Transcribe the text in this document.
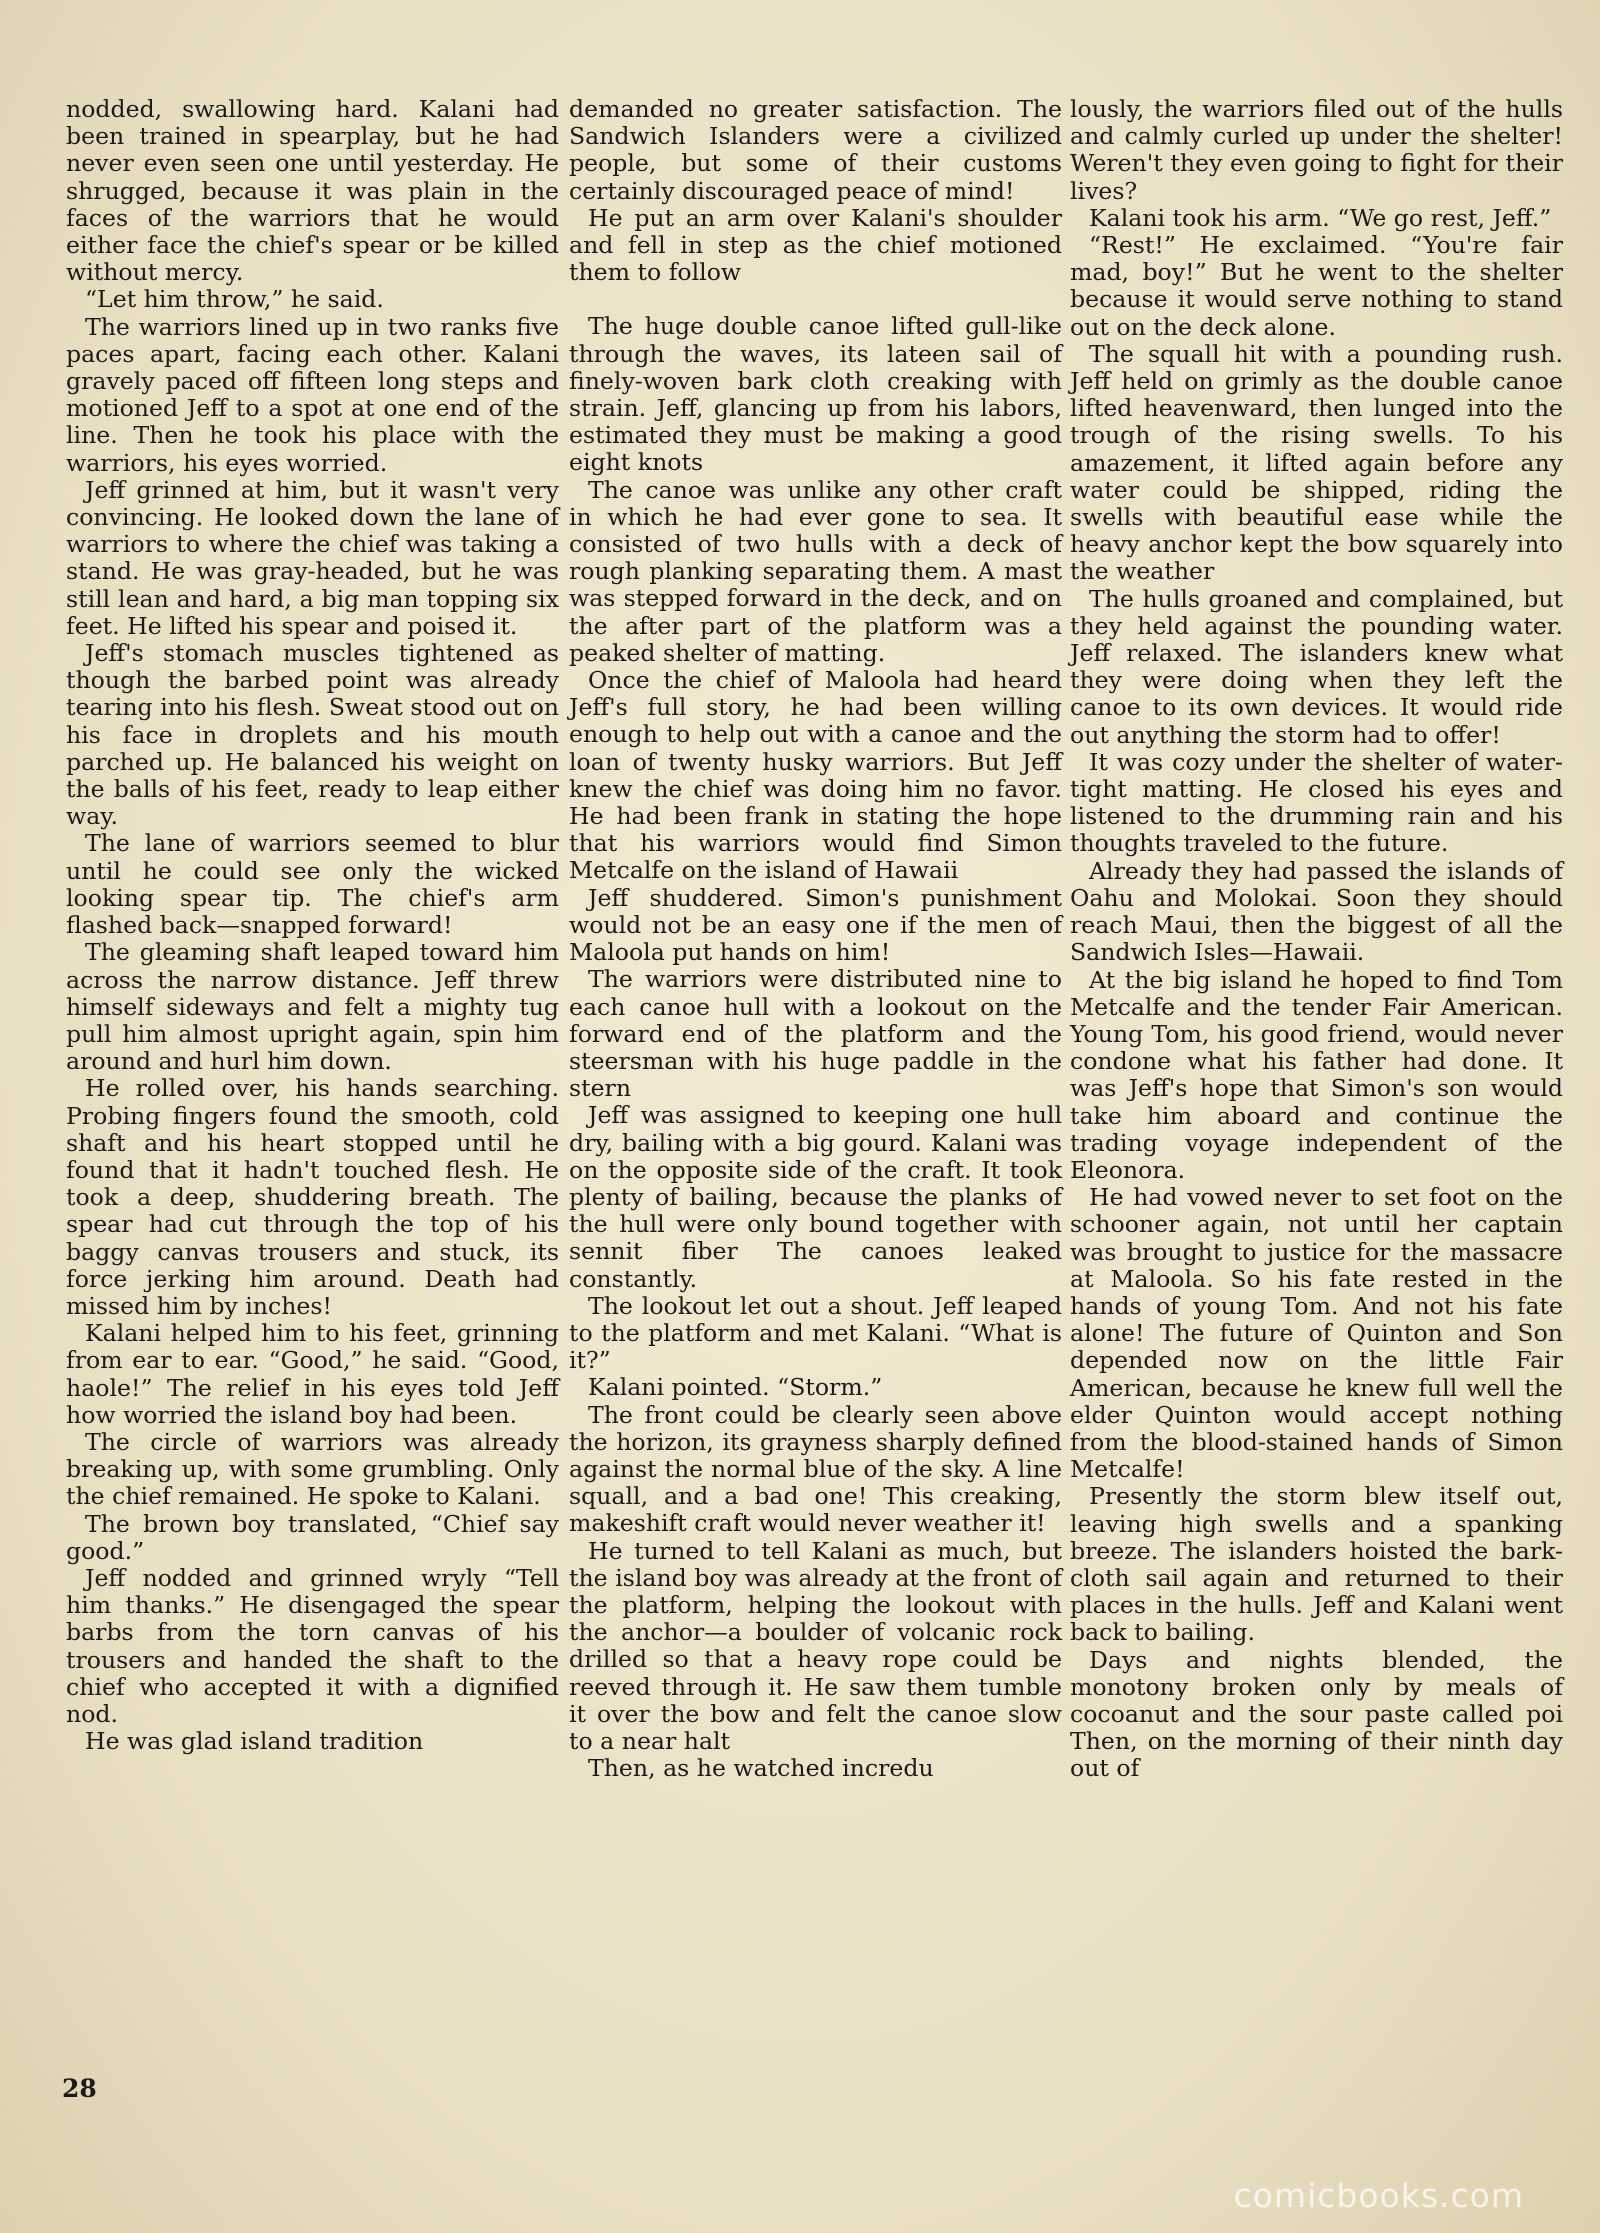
nodded, swallowing hard. Kalani had been trained in spearplay, but he had never even seen one until yesterday. He shrugged, because it was plain in the faces of the warriors that he would either face the chief's spear or be killed without mercy.

“Let him throw,” he said.

The warriors lined up in two ranks five paces apart, facing each other. Kalani gravely paced off fifteen long steps and motioned Jeff to a spot at one end of the line. Then he took his place with the warriors, his eyes worried.

Jeff grinned at him, but it wasn't very convincing. He looked down the lane of warriors to where the chief was taking a stand. He was gray-headed, but he was still lean and hard, a big man topping six feet. He lifted his spear and poised it.

Jeff's stomach muscles tightened as though the barbed point was already tearing into his flesh. Sweat stood out on his face in droplets and his mouth parched up. He balanced his weight on the balls of his feet, ready to leap either way.

The lane of warriors seemed to blur until he could see only the wicked looking spear tip. The chief's arm flashed back—snapped forward!

The gleaming shaft leaped toward him across the narrow distance. Jeff threw himself sideways and felt a mighty tug pull him almost upright again, spin him around and hurl him down.

He rolled over, his hands searching. Probing fingers found the smooth, cold shaft and his heart stopped until he found that it hadn't touched flesh. He took a deep, shuddering breath. The spear had cut through the top of his baggy canvas trousers and stuck, its force jerking him around. Death had missed him by inches!

Kalani helped him to his feet, grinning from ear to ear. “Good,” he said. “Good, haole!” The relief in his eyes told Jeff how worried the island boy had been.

The circle of warriors was already breaking up, with some grumbling. Only the chief remained. He spoke to Kalani.

The brown boy translated, “Chief say good.”

Jeff nodded and grinned wryly “Tell him thanks.” He disengaged the spear barbs from the torn canvas of his trousers and handed the shaft to the chief who accepted it with a dignified nod.

He was glad island tradition

demanded no greater satisfaction. The Sandwich Islanders were a civilized people, but some of their customs certainly discouraged peace of mind!

He put an arm over Kalani's shoulder and fell in step as the chief motioned them to follow

The huge double canoe lifted gull-like through the waves, its lateen sail of finely-woven bark cloth creaking with strain. Jeff, glancing up from his labors, estimated they must be making a good eight knots

The canoe was unlike any other craft in which he had ever gone to sea. It consisted of two hulls with a deck of rough planking separating them. A mast was stepped forward in the deck, and on the after part of the platform was a peaked shelter of matting.

Once the chief of Maloola had heard Jeff's full story, he had been willing enough to help out with a canoe and the loan of twenty husky warriors. But Jeff knew the chief was doing him no favor. He had been frank in stating the hope that his warriors would find Simon Metcalfe on the island of Hawaii

Jeff shuddered. Simon's punishment would not be an easy one if the men of Maloola put hands on him!

The warriors were distributed nine to each canoe hull with a lookout on the forward end of the platform and the steersman with his huge paddle in the stern

Jeff was assigned to keeping one hull dry, bailing with a big gourd. Kalani was on the opposite side of the craft. It took plenty of bailing, because the planks of the hull were only bound together with sennit fiber The canoes leaked constantly.

The lookout let out a shout. Jeff leaped to the platform and met Kalani. “What is it?”

Kalani pointed. “Storm.”

The front could be clearly seen above the horizon, its grayness sharply defined against the normal blue of the sky. A line squall, and a bad one! This creaking, makeshift craft would never weather it!

He turned to tell Kalani as much, but the island boy was already at the front of the platform, helping the lookout with the anchor—a boulder of volcanic rock drilled so that a heavy rope could be reeved through it. He saw them tumble it over the bow and felt the canoe slow to a near halt

Then, as he watched incredu

lously, the warriors filed out of the hulls and calmly curled up under the shelter! Weren't they even going to fight for their lives?

Kalani took his arm. “We go rest, Jeff.”

“Rest!” He exclaimed. “You're fair mad, boy!” But he went to the shelter because it would serve nothing to stand out on the deck alone.

The squall hit with a pounding rush. Jeff held on grimly as the double canoe lifted heavenward, then lunged into the trough of the rising swells. To his amazement, it lifted again before any water could be shipped, riding the swells with beautiful ease while the heavy anchor kept the bow squarely into the weather

The hulls groaned and complained, but they held against the pounding water. Jeff relaxed. The islanders knew what they were doing when they left the canoe to its own devices. It would ride out anything the storm had to offer!

It was cozy under the shelter of water-tight matting. He closed his eyes and listened to the drumming rain and his thoughts traveled to the future.

Already they had passed the islands of Oahu and Molokai. Soon they should reach Maui, then the biggest of all the Sandwich Isles—Hawaii.

At the big island he hoped to find Tom Metcalfe and the tender Fair American. Young Tom, his good friend, would never condone what his father had done. It was Jeff's hope that Simon's son would take him aboard and continue the trading voyage independent of the Eleonora.

He had vowed never to set foot on the schooner again, not until her captain was brought to justice for the massacre at Maloola. So his fate rested in the hands of young Tom. And not his fate alone! The future of Quinton and Son depended now on the little Fair American, because he knew full well the elder Quinton would accept nothing from the blood-stained hands of Simon Metcalfe!

Presently the storm blew itself out, leaving high swells and a spanking breeze. The islanders hoisted the bark-cloth sail again and returned to their places in the hulls. Jeff and Kalani went back to bailing.

Days and nights blended, the monotony broken only by meals of cocoanut and the sour paste called poi Then, on the morning of their ninth day out of

28
comicbooks.com
